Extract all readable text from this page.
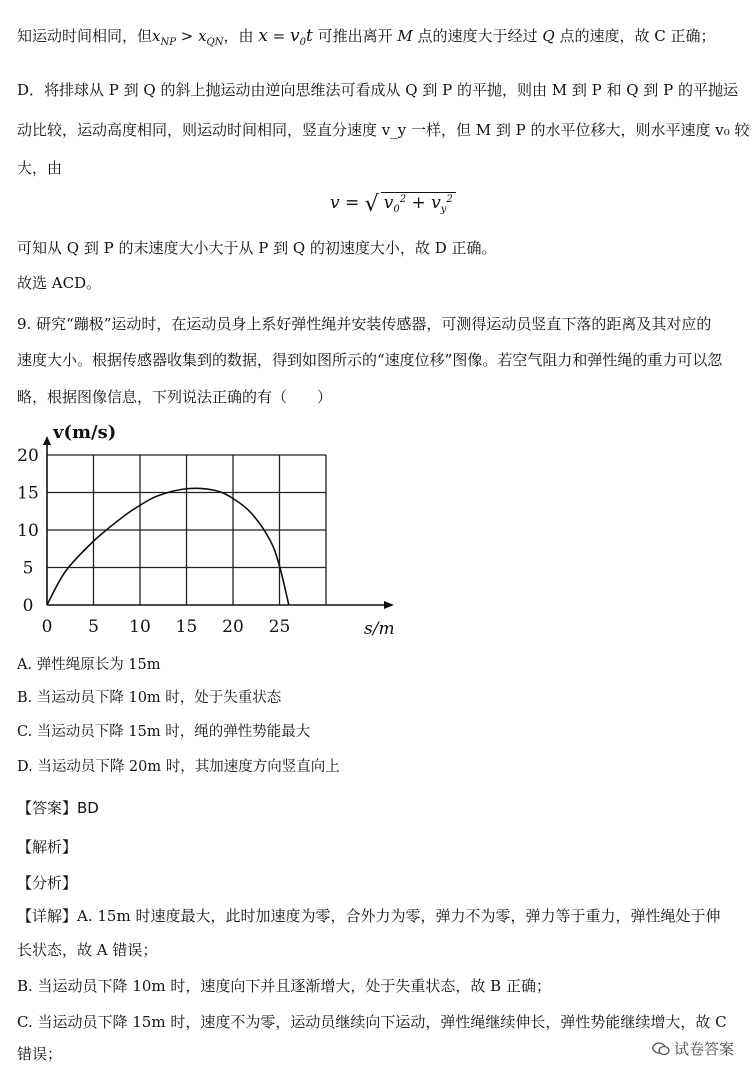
知运动时间相同，但$x_{NP} > x_{QN}$，由 $x = v_0t$ 可推出离开 M 点的速度大于经过 Q 点的速度，故 C 正确；
D．将排球从 P 到 Q 的斜上抛运动由逆向思维法可看成从 Q 到 P 的平抛，则由 M 到 P 和 Q 到 P 的平抛运
动比较，运动高度相同，则运动时间相同，竖直分速度 v_y 一样，但 M 到 P 的水平位移大，则水平速度 v₀ 较
大，由
v = √ $v_0^2 + v_y^2$
可知从 Q 到 P 的末速度大小大于从 P 到 Q 的初速度大小，故 D 正确。
故选 ACD。
9. 研究“蹦极”运动时，在运动员身上系好弹性绳并安装传感器，可测得运动员竖直下落的距离及其对应的
速度大小。根据传感器收集到的数据，得到如图所示的“速度位移”图像。若空气阻力和弹性绳的重力可以忽
略，根据图像信息，下列说法正确的有（　　）
0 5 10 15 20 25
0
5
10
15
20
v(m/s)
s/m
A. 弹性绳原长为 15m
B. 当运动员下降 10m 时，处于失重状态
C. 当运动员下降 15m 时，绳的弹性势能最大
D. 当运动员下降 20m 时，其加速度方向竖直向上
【答案】BD
【解析】
【分析】
【详解】A. 15m 时速度最大，此时加速度为零，合外力为零，弹力不为零，弹力等于重力，弹性绳处于伸
长状态，故 A 错误；
B. 当运动员下降 10m 时，速度向下并且逐渐增大，处于失重状态，故 B 正确；
C. 当运动员下降 15m 时，速度不为零，运动员继续向下运动，弹性绳继续伸长，弹性势能继续增大，故 C
错误；	试卷答案
